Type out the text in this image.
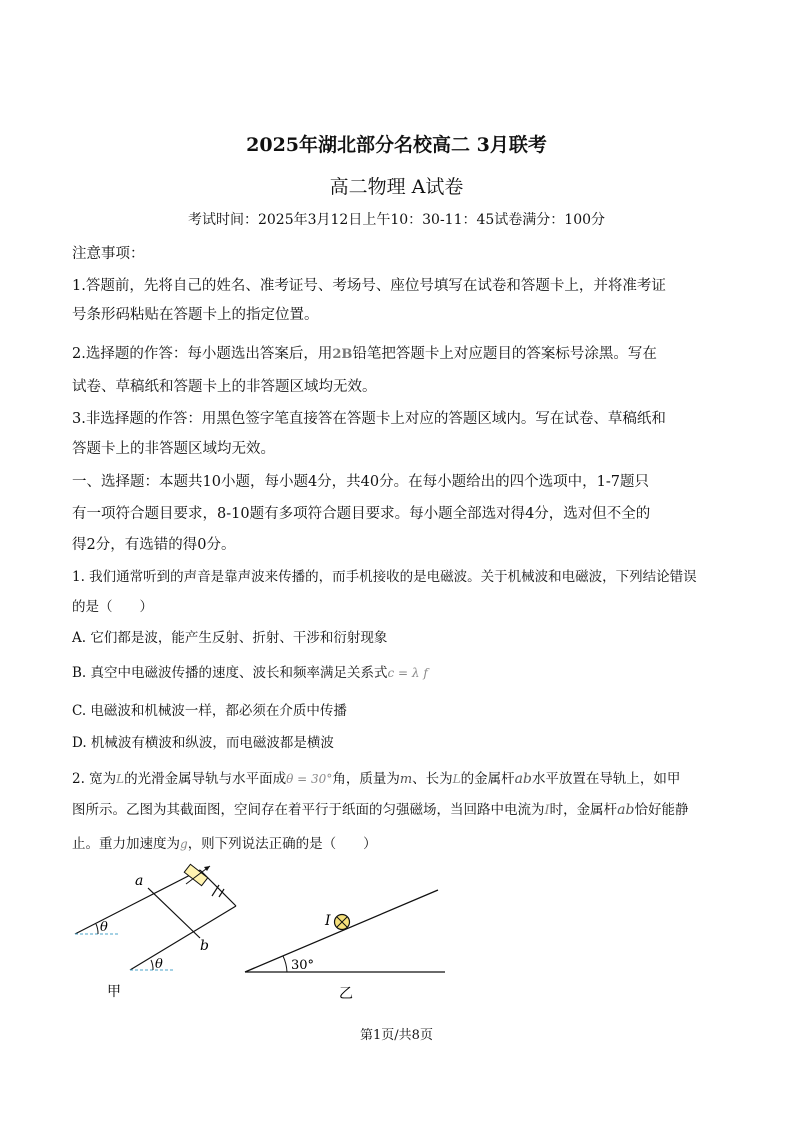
2025年湖北部分名校高二 3月联考
高二物理 A试卷
考试时间：2025年3月12日上午10：30-11：45试卷满分：100分
注意事项：
1.答题前，先将自己的姓名、准考证号、考场号、座位号填写在试卷和答题卡上，并将准考证
号条形码粘贴在答题卡上的指定位置。
2.选择题的作答：每小题选出答案后，用2B铅笔把答题卡上对应题目的答案标号涂黑。写在
试卷、草稿纸和答题卡上的非答题区域均无效。
3.非选择题的作答：用黑色签字笔直接答在答题卡上对应的答题区域内。写在试卷、草稿纸和
答题卡上的非答题区域均无效。
一、选择题：本题共10小题，每小题4分，共40分。在每小题给出的四个选项中，1-7题只
有一项符合题目要求，8-10题有多项符合题目要求。每小题全部选对得4分，选对但不全的
得2分，有选错的得0分。
1. 我们通常听到的声音是靠声波来传播的，而手机接收的是电磁波。关于机械波和电磁波，下列结论错误
的是（　　）
A. 它们都是波，能产生反射、折射、干涉和衍射现象
B. 真空中电磁波传播的速度、波长和频率满足关系式c = λ f
C. 电磁波和机械波一样，都必须在介质中传播
D. 机械波有横波和纵波，而电磁波都是横波
2. 宽为L的光滑金属导轨与水平面成θ = 30°角，质量为m、长为L的金属杆ab水平放置在导轨上，如甲
图所示。乙图为其截面图，空间存在着平行于纸面的匀强磁场，当回路中电流为I时，金属杆ab恰好能静
止。重力加速度为g，则下列说法正确的是（　　）
a
b
θ
θ
甲
I
30°
乙
第1页/共8页
